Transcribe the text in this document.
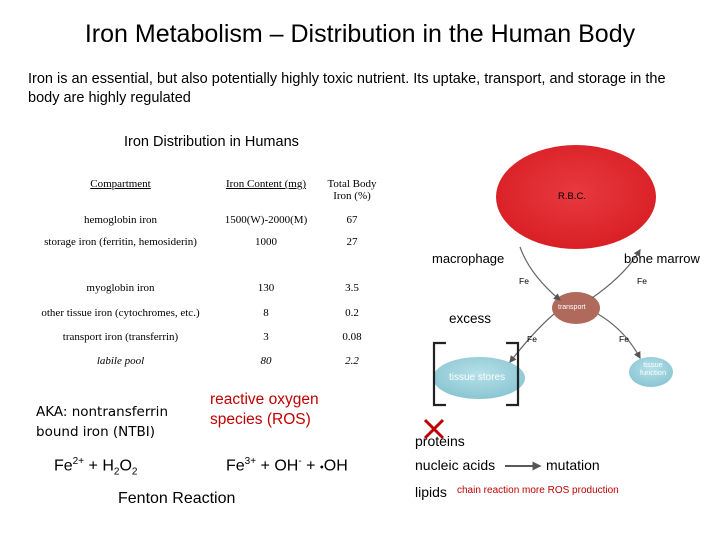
Iron Metabolism – Distribution in the Human Body
Iron is an essential, but also potentially highly toxic nutrient. Its uptake, transport, and storage in the body are highly regulated
Iron Distribution in Humans
Compartment	Iron Content (mg)	Total Body Iron (%)
hemoglobin iron	1500(W)-2000(M)	67
storage iron (ferritin, hemosiderin)	1000	27
myoglobin iron	130	3.5
other tissue iron (cytochromes, etc.)	8	0.2
transport iron (transferrin)	3	0.08
labile pool	80	2.2
AKA: nontransferrin
bound iron (NTBI)
reactive oxygen
species (ROS)
$Fe^{2+} + H_2O_2$	$Fe^{3+} + OH^-$ + •OH
Fenton Reaction
R.B.C.
macrophage	bone marrow
Fe	Fe
Fe	Fe
excess
transport
tissue stores
tissue function
proteins
nucleic acids
lipids
mutation
chain reaction more ROS production
